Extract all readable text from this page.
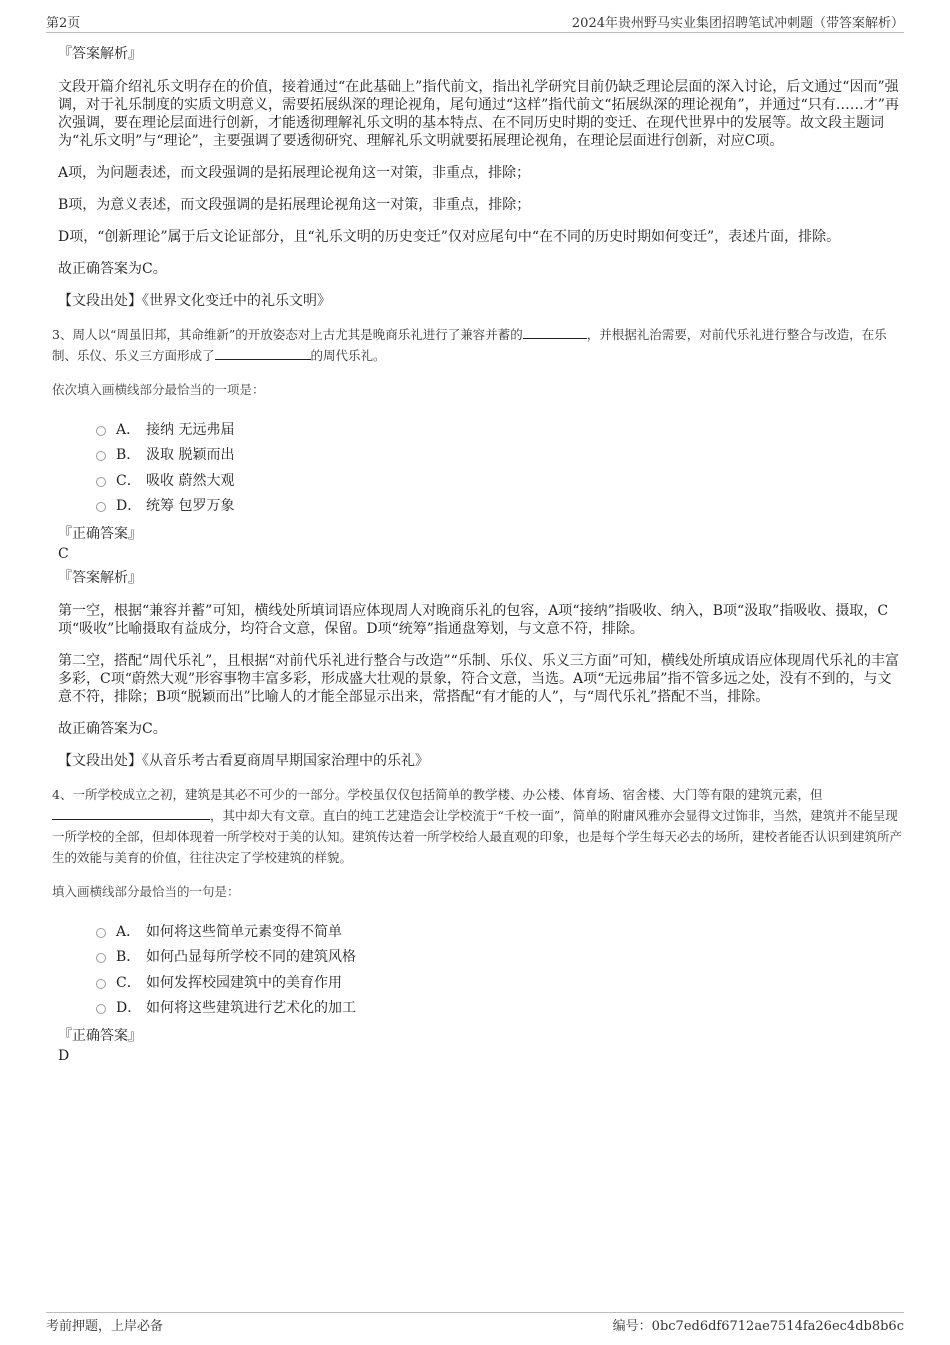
第2页	2024年贵州野马实业集团招聘笔试冲刺题（带答案解析）
『答案解析』

文段开篇介绍礼乐文明存在的价值，接着通过“在此基础上”指代前文，指出礼学研究目前仍缺乏理论层面的深入讨论，后文通过“因而”强调，对于礼乐制度的实质文明意义，需要拓展纵深的理论视角，尾句通过“这样”指代前文“拓展纵深的理论视角”，并通过“只有……才”再次强调，要在理论层面进行创新，才能透彻理解礼乐文明的基本特点、在不同历史时期的变迁、在现代世界中的发展等。故文段主题词为“礼乐文明”与“理论”，主要强调了要透彻研究、理解礼乐文明就要拓展理论视角，在理论层面进行创新，对应C项。

A项，为问题表述，而文段强调的是拓展理论视角这一对策，非重点，排除；

B项，为意义表述，而文段强调的是拓展理论视角这一对策，非重点，排除；

D项，“创新理论”属于后文论证部分，且“礼乐文明的历史变迁”仅对应尾句中“在不同的历史时期如何变迁”，表述片面，排除。

故正确答案为C。

【文段出处】《世界文化变迁中的礼乐文明》

3、周人以“周虽旧邦，其命维新”的开放姿态对上古尤其是晚商乐礼进行了兼容并蓄的	，并根据礼治需要，对前代乐礼进行整合与改造，在乐制、乐仪、乐义三方面形成了	的周代乐礼。

依次填入画横线部分最恰当的一项是：

A． 接纳 无远弗届
B． 汲取 脱颖而出
C． 吸收 蔚然大观
D． 统筹 包罗万象
『正确答案』
C
『答案解析』

第一空，根据“兼容并蓄”可知，横线处所填词语应体现周人对晚商乐礼的包容，A项“接纳”指吸收、纳入，B项“汲取”指吸收、摄取，C项“吸收”比喻摄取有益成分，均符合文意，保留。D项“统筹”指通盘筹划，与文意不符，排除。

第二空，搭配“周代乐礼”，且根据“对前代乐礼进行整合与改造”“乐制、乐仪、乐义三方面”可知，横线处所填成语应体现周代乐礼的丰富多彩，C项“蔚然大观”形容事物丰富多彩，形成盛大壮观的景象，符合文意，当选。A项“无远弗届”指不管多远之处，没有不到的，与文意不符，排除；B项“脱颖而出”比喻人的才能全部显示出来，常搭配“有才能的人”，与“周代乐礼”搭配不当，排除。

故正确答案为C。

【文段出处】《从音乐考古看夏商周早期国家治理中的乐礼》

4、一所学校成立之初，建筑是其必不可少的一部分。学校虽仅仅包括简单的教学楼、办公楼、体育场、宿舍楼、大门等有限的建筑元素，但，其中却大有文章。直白的纯工艺建造会让学校流于“千校一面”，简单的附庸风雅亦会显得文过饰非，当然，建筑并不能呈现一所学校的全部，但却体现着一所学校对于美的认知。建筑传达着一所学校给人最直观的印象，也是每个学生每天必去的场所，建校者能否认识到建筑所产生的效能与美育的价值，往往决定了学校建筑的样貌。

填入画横线部分最恰当的一句是：

A． 如何将这些简单元素变得不简单
B． 如何凸显每所学校不同的建筑风格
C． 如何发挥校园建筑中的美育作用
D． 如何将这些建筑进行艺术化的加工
『正确答案』
D
考前押题，上岸必备	编号：0bc7ed6df6712ae7514fa26ec4db8b6c
